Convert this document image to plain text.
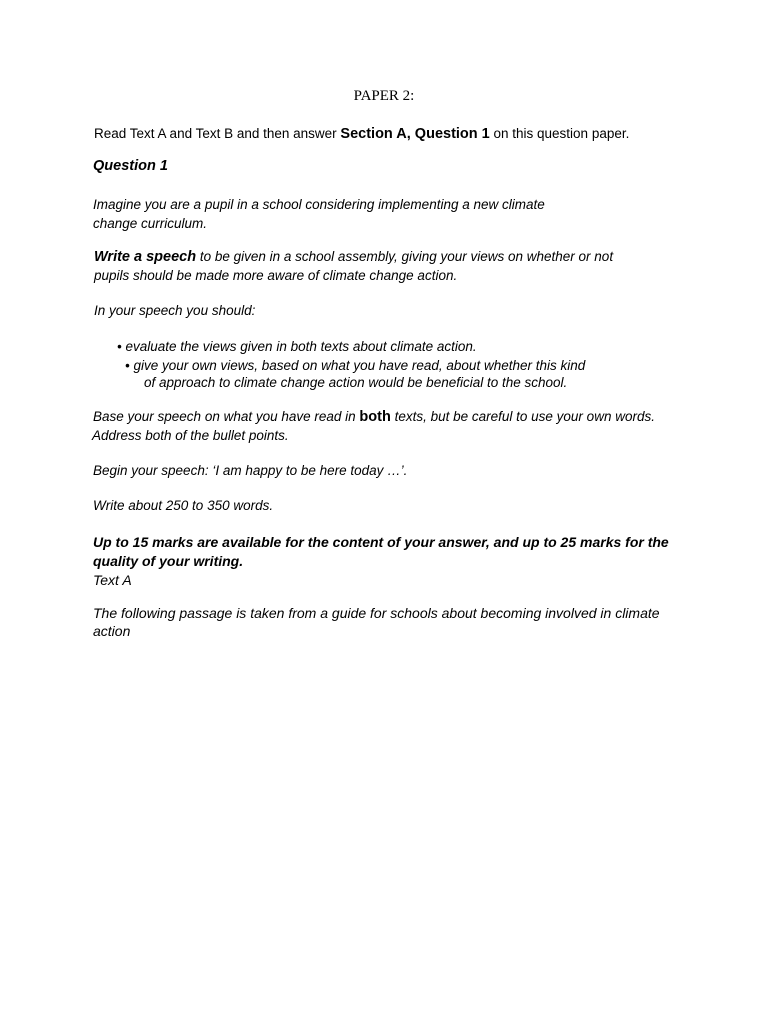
PAPER 2:
Read Text A and Text B and then answer Section A, Question 1 on this question paper.
Question 1
Imagine you are a pupil in a school considering implementing a new climate
change curriculum.
Write a speech to be given in a school assembly, giving your views on whether or not
pupils should be made more aware of climate change action.
In your speech you should:
• evaluate the views given in both texts about climate action.
• give your own views, based on what you have read, about whether this kind
of approach to climate change action would be beneficial to the school.
Base your speech on what you have read in both texts, but be careful to use your own words.
Address both of the bullet points.
Begin your speech: ‘I am happy to be here today …’.
Write about 250 to 350 words.
Up to 15 marks are available for the content of your answer, and up to 25 marks for the
quality of your writing.
Text A
The following passage is taken from a guide for schools about becoming involved in climate
action
